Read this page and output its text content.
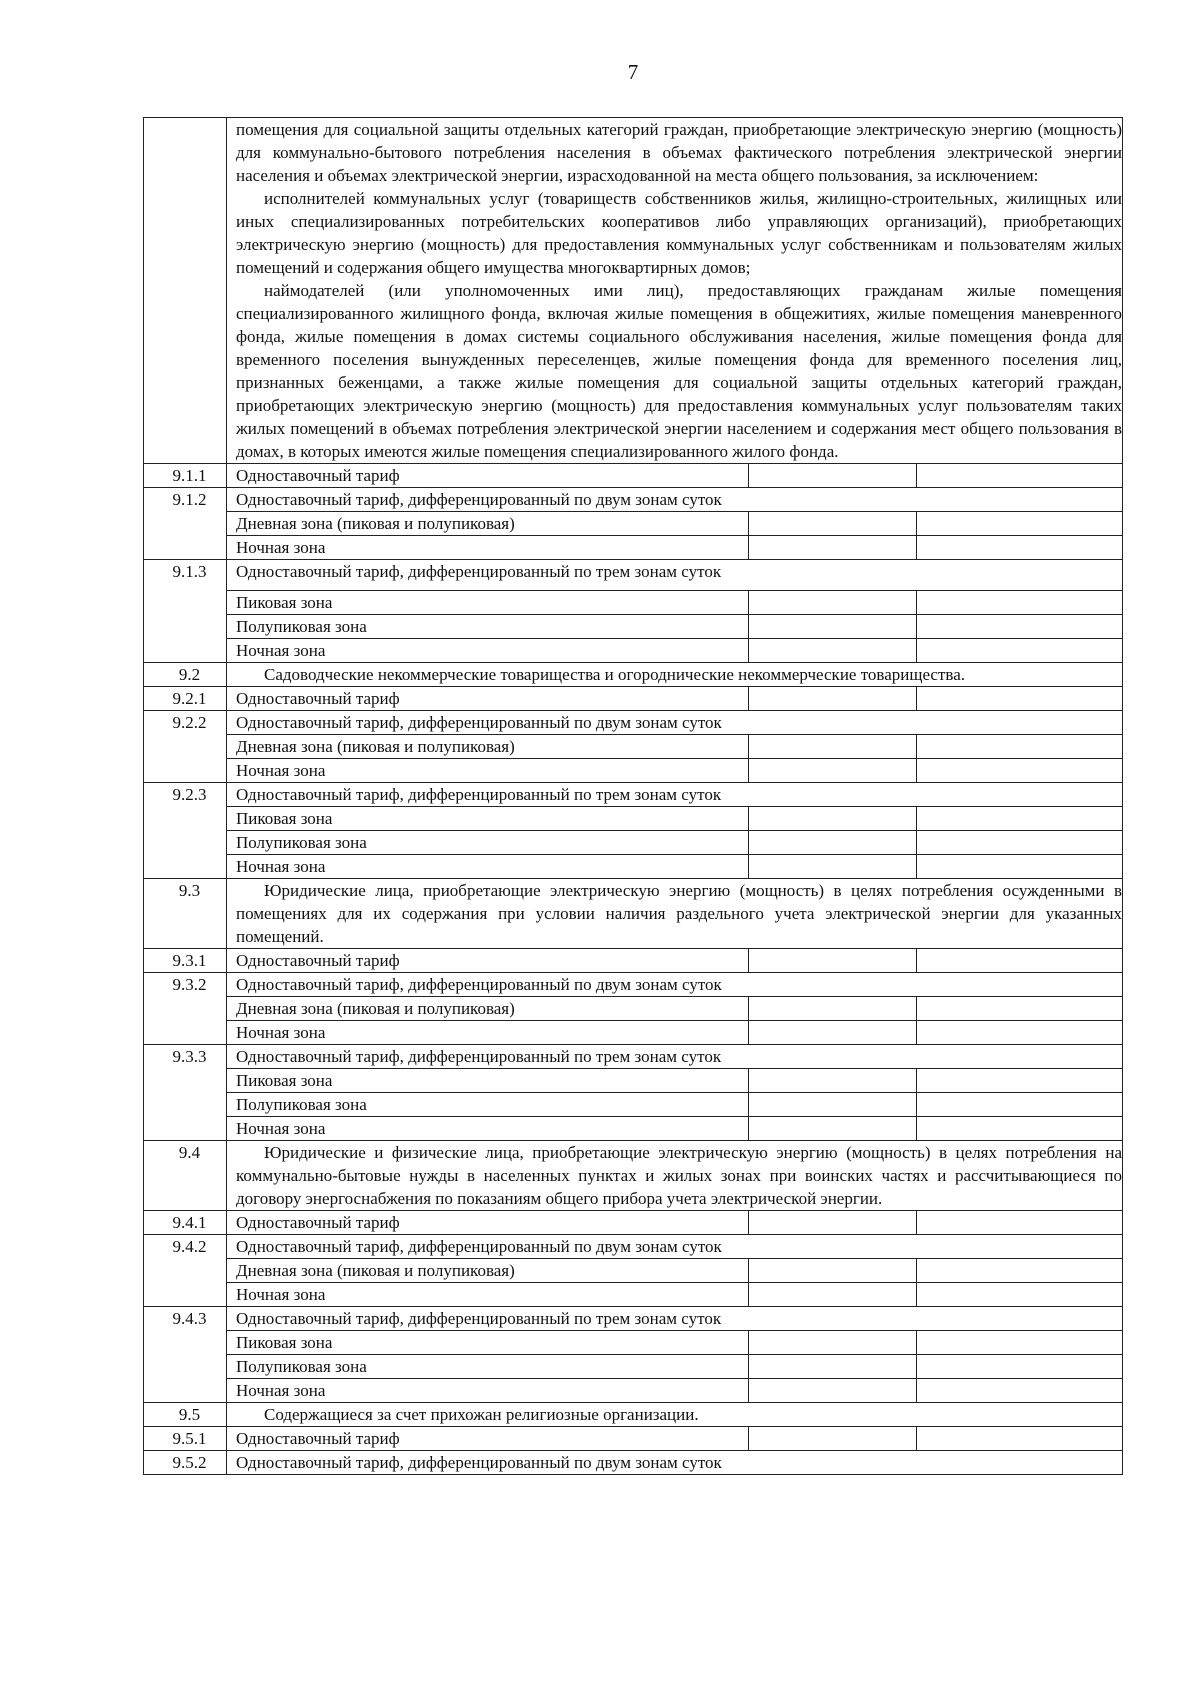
7

	помещения для социальной защиты отдельных категорий граждан, приобретающие электрическую энергию (мощность) для коммунально-бытового потребления населения в объемах фактического потребления электрической энергии населения и объемах электрической энергии, израсходованной на места общего пользования, за исключением:
исполнителей коммунальных услуг (товариществ собственников жилья, жилищно-строительных, жилищных или иных специализированных потребительских кооперативов либо управляющих организаций), приобретающих электрическую энергию (мощность) для предоставления коммунальных услуг собственникам и пользователям жилых помещений и содержания общего имущества многоквартирных домов;
наймодателей (или уполномоченных ими лиц), предоставляющих гражданам жилые помещения специализированного жилищного фонда, включая жилые помещения в общежитиях, жилые помещения маневренного фонда, жилые помещения в домах системы социального обслуживания населения, жилые помещения фонда для временного поселения вынужденных переселенцев, жилые помещения фонда для временного поселения лиц, признанных беженцами, а также жилые помещения для социальной защиты отдельных категорий граждан, приобретающих электрическую энергию (мощность) для предоставления коммунальных услуг пользователям таких жилых помещений в объемах потребления электрической энергии населением и содержания мест общего пользования в домах, в которых имеются жилые помещения специализированного жилого фонда.		

9.1.1	Одноставочный тариф		
9.1.2	Одноставочный тариф, дифференцированный по двум зонам суток		
	Дневная зона (пиковая и полупиковая)		
	Ночная зона		
9.1.3	Одноставочный тариф, дифференцированный по трем зонам суток		
	Пиковая зона		
	Полупиковая зона		
	Ночная зона		
9.2	Садоводческие некоммерческие товарищества и огороднические некоммерческие товарищества.		
9.2.1	Одноставочный тариф		
9.2.2	Одноставочный тариф, дифференцированный по двум зонам суток		
	Дневная зона (пиковая и полупиковая)		
	Ночная зона		
9.2.3	Одноставочный тариф, дифференцированный по трем зонам суток		
	Пиковая зона		
	Полупиковая зона		
	Ночная зона		
9.3	Юридические лица, приобретающие электрическую энергию (мощность) в целях потребления осужденными в помещениях для их содержания при условии наличия раздельного учета электрической энергии для указанных помещений.		
9.3.1	Одноставочный тариф		
9.3.2	Одноставочный тариф, дифференцированный по двум зонам суток		
	Дневная зона (пиковая и полупиковая)		
	Ночная зона		
9.3.3	Одноставочный тариф, дифференцированный по трем зонам суток		
	Пиковая зона		
	Полупиковая зона		
	Ночная зона		
9.4	Юридические и физические лица, приобретающие электрическую энергию (мощность) в целях потребления на коммунально-бытовые нужды в населенных пунктах и жилых зонах при воинских частях и рассчитывающиеся по договору энергоснабжения по показаниям общего прибора учета электрической энергии.		
9.4.1	Одноставочный тариф		
9.4.2	Одноставочный тариф, дифференцированный по двум зонам суток		
	Дневная зона (пиковая и полупиковая)		
	Ночная зона		
9.4.3	Одноставочный тариф, дифференцированный по трем зонам суток		
	Пиковая зона		
	Полупиковая зона		
	Ночная зона		
9.5	Содержащиеся за счет прихожан религиозные организации.		
9.5.1	Одноставочный тариф		
9.5.2	Одноставочный тариф, дифференцированный по двум зонам суток		
